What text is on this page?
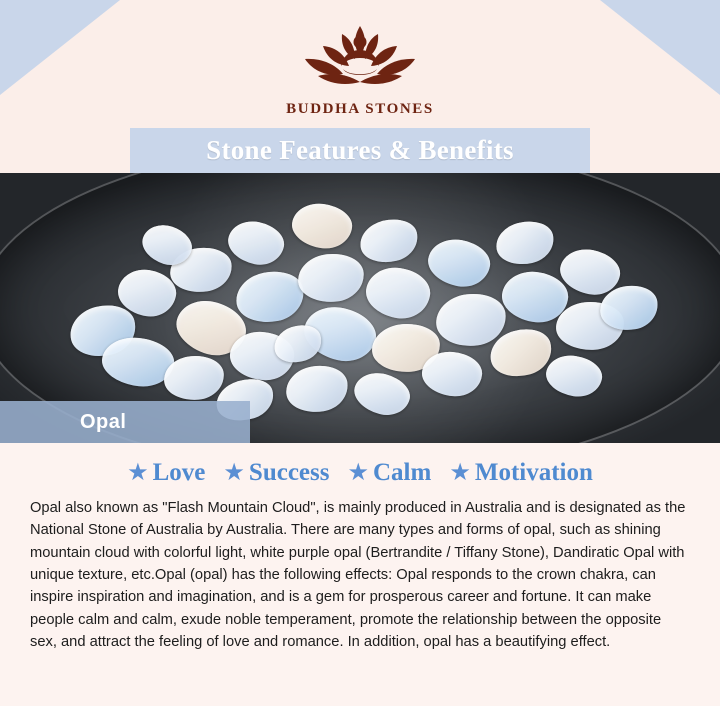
BUDDHA STONES
Stone Features & Benefits
Opal
★ Love ★ Success ★ Calm ★ Motivation
Opal also known as "Flash Mountain Cloud", is mainly produced in Australia and is designated as the National Stone of Australia by Australia. There are many types and forms of opal, such as shining mountain cloud with colorful light, white purple opal (Bertrandite / Tiffany Stone), Dandiratic Opal with unique texture, etc.Opal (opal) has the following effects: Opal responds to the crown chakra, can inspire inspiration and imagination, and is a gem for prosperous career and fortune. It can make people calm and calm, exude noble temperament, promote the relationship between the opposite sex, and attract the feeling of love and romance. In addition, opal has a beautifying effect.
